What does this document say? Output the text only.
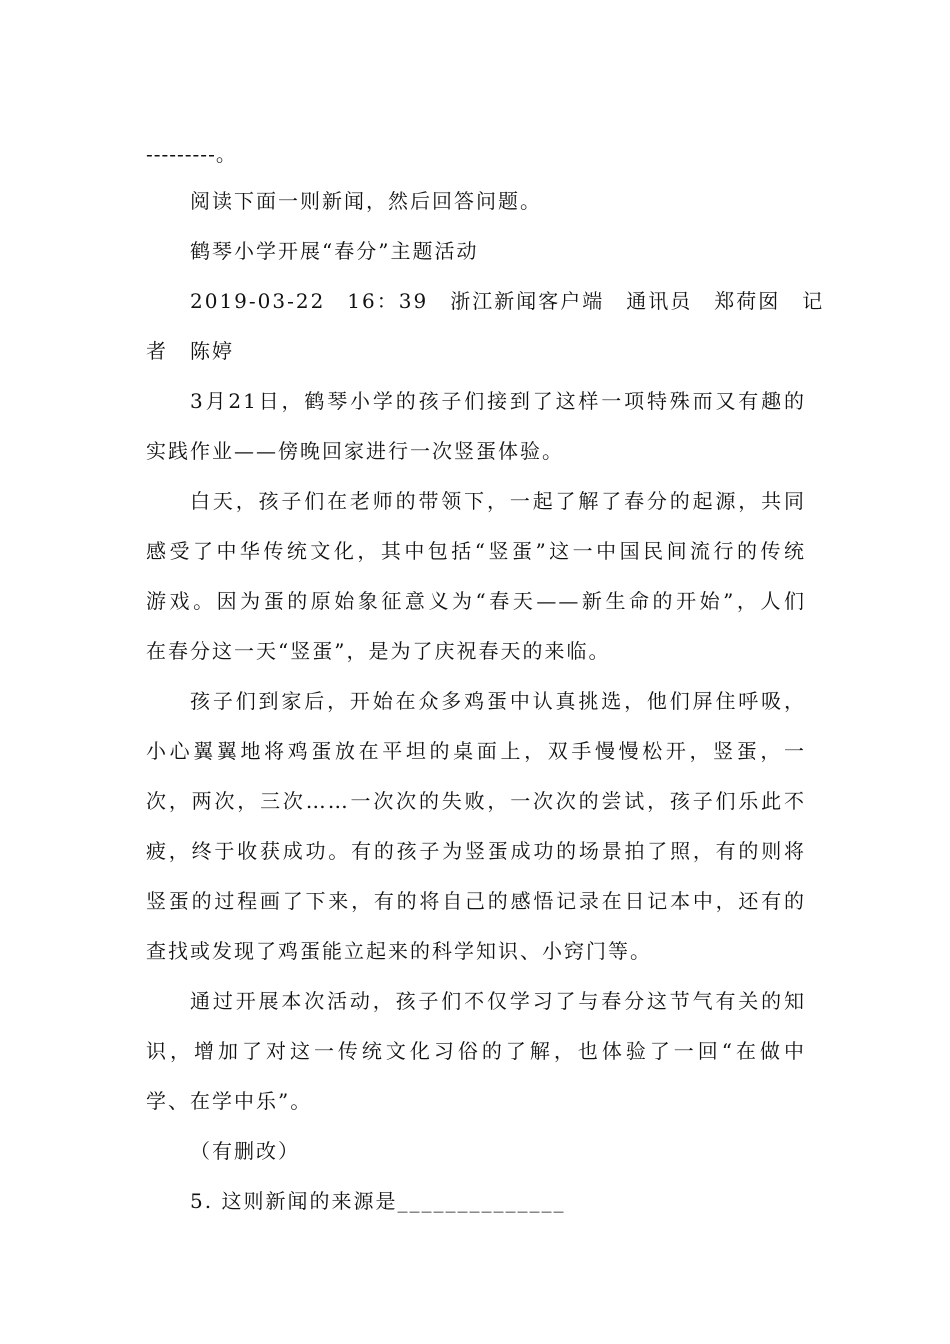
---------。
阅读下面一则新闻，然后回答问题。
鹤琴小学开展“春分”主题活动
2019-03-22　16：39　浙江新闻客户端　通讯员　郑荷囡　记
者　陈婷
3月21日，鹤琴小学的孩子们接到了这样一项特殊而又有趣的
实践作业——傍晚回家进行一次竖蛋体验。
白天，孩子们在老师的带领下，一起了解了春分的起源，共同
感受了中华传统文化，其中包括“竖蛋”这一中国民间流行的传统
游戏。因为蛋的原始象征意义为“春天——新生命的开始”，人们
在春分这一天“竖蛋”，是为了庆祝春天的来临。
孩子们到家后，开始在众多鸡蛋中认真挑选，他们屏住呼吸，
小心翼翼地将鸡蛋放在平坦的桌面上，双手慢慢松开，竖蛋，一
次，两次，三次……一次次的失败，一次次的尝试，孩子们乐此不
疲，终于收获成功。有的孩子为竖蛋成功的场景拍了照，有的则将
竖蛋的过程画了下来，有的将自己的感悟记录在日记本中，还有的
查找或发现了鸡蛋能立起来的科学知识、小窍门等。
通过开展本次活动，孩子们不仅学习了与春分这节气有关的知
识，增加了对这一传统文化习俗的了解，也体验了一回“在做中
学、在学中乐”。
（有删改）
5. 这则新闻的来源是______________
